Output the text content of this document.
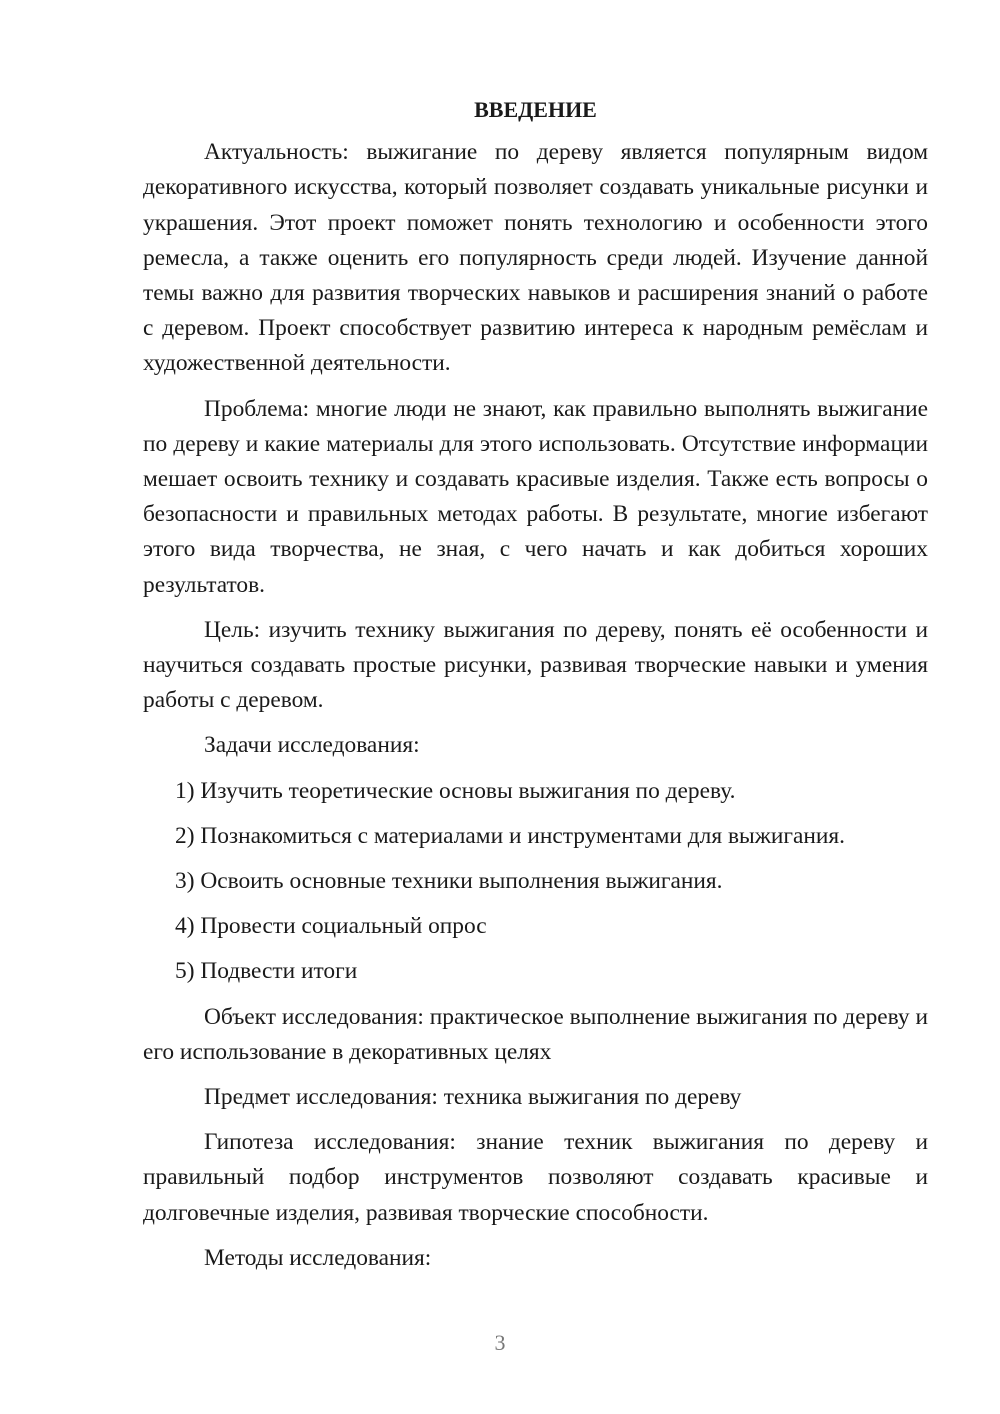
ВВЕДЕНИЕ
Актуальность: выжигание по дереву является популярным видом декоративного искусства, который позволяет создавать уникальные рисунки и украшения. Этот проект поможет понять технологию и особенности этого ремесла, а также оценить его популярность среди людей. Изучение данной темы важно для развития творческих навыков и расширения знаний о работе с деревом. Проект способствует развитию интереса к народным ремёслам и художественной деятельности.
Проблема: многие люди не знают, как правильно выполнять выжигание по дереву и какие материалы для этого использовать. Отсутствие информации мешает освоить технику и создавать красивые изделия. Также есть вопросы о безопасности и правильных методах работы. В результате, многие избегают этого вида творчества, не зная, с чего начать и как добиться хороших результатов.
Цель: изучить технику выжигания по дереву, понять её особенности и научиться создавать простые рисунки, развивая творческие навыки и умения работы с деревом.
Задачи исследования:
1) Изучить теоретические основы выжигания по дереву.
2) Познакомиться с материалами и инструментами для выжигания.
3) Освоить основные техники выполнения выжигания.
4) Провести социальный опрос
5) Подвести итоги
Объект исследования: практическое выполнение выжигания по дереву и его использование в декоративных целях
Предмет исследования: техника выжигания по дереву
Гипотеза исследования: знание техник выжигания по дереву и правильный подбор инструментов позволяют создавать красивые и долговечные изделия, развивая творческие способности.
Методы исследования:
3
